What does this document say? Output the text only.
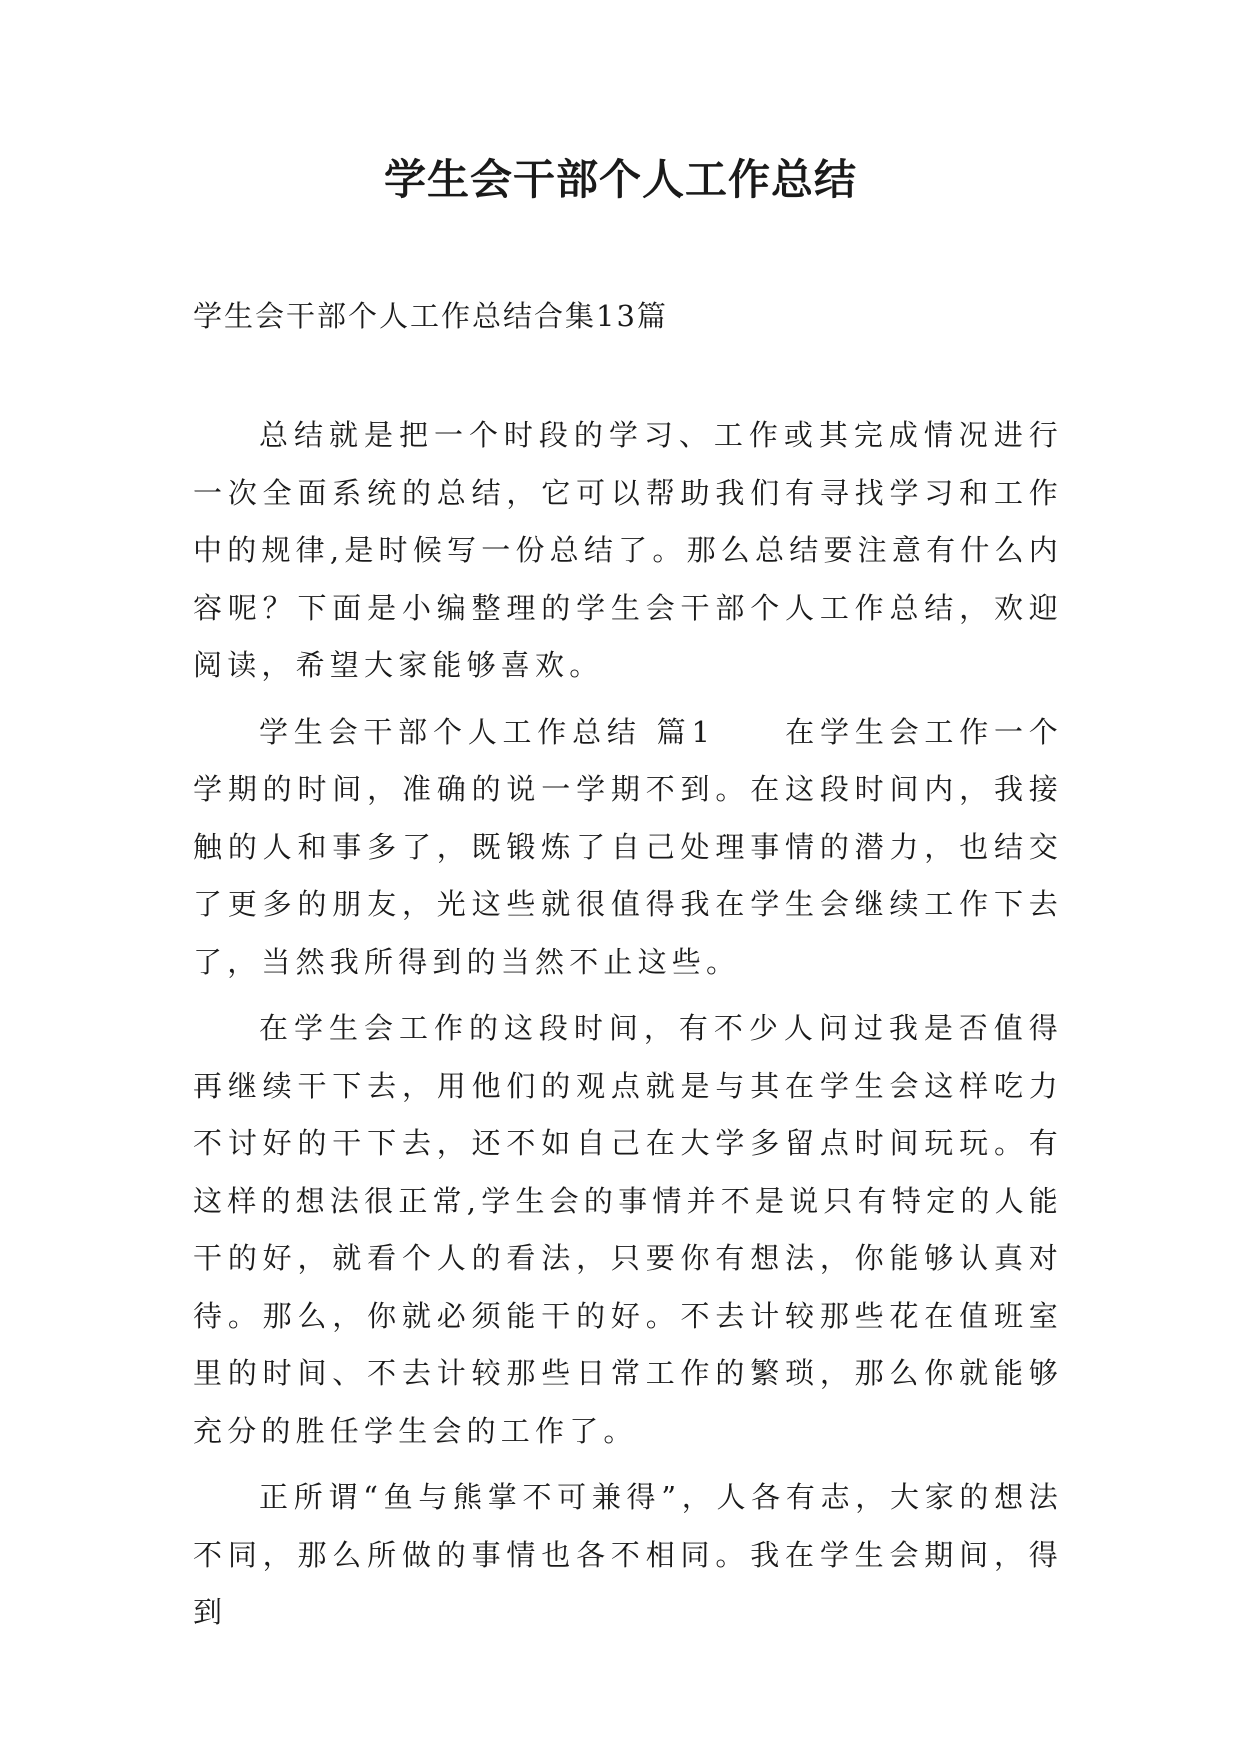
学生会干部个人工作总结

学生会干部个人工作总结合集13篇

总结就是把一个时段的学习、工作或其完成情况进行一次全面系统的总结，它可以帮助我们有寻找学习和工作中的规律,是时候写一份总结了。那么总结要注意有什么内容呢？下面是小编整理的学生会干部个人工作总结，欢迎阅读，希望大家能够喜欢。

学生会干部个人工作总结 篇1　　在学生会工作一个学期的时间，准确的说一学期不到。在这段时间内，我接触的人和事多了，既锻炼了自己处理事情的潜力，也结交了更多的朋友，光这些就很值得我在学生会继续工作下去了，当然我所得到的当然不止这些。

在学生会工作的这段时间，有不少人问过我是否值得再继续干下去，用他们的观点就是与其在学生会这样吃力不讨好的干下去，还不如自己在大学多留点时间玩玩。有这样的想法很正常,学生会的事情并不是说只有特定的人能干的好，就看个人的看法，只要你有想法，你能够认真对待。那么，你就必须能干的好。不去计较那些花在值班室里的时间、不去计较那些日常工作的繁琐，那么你就能够充分的胜任学生会的工作了。

正所谓“鱼与熊掌不可兼得”，人各有志，大家的想法不同，那么所做的事情也各不相同。我在学生会期间，得到
